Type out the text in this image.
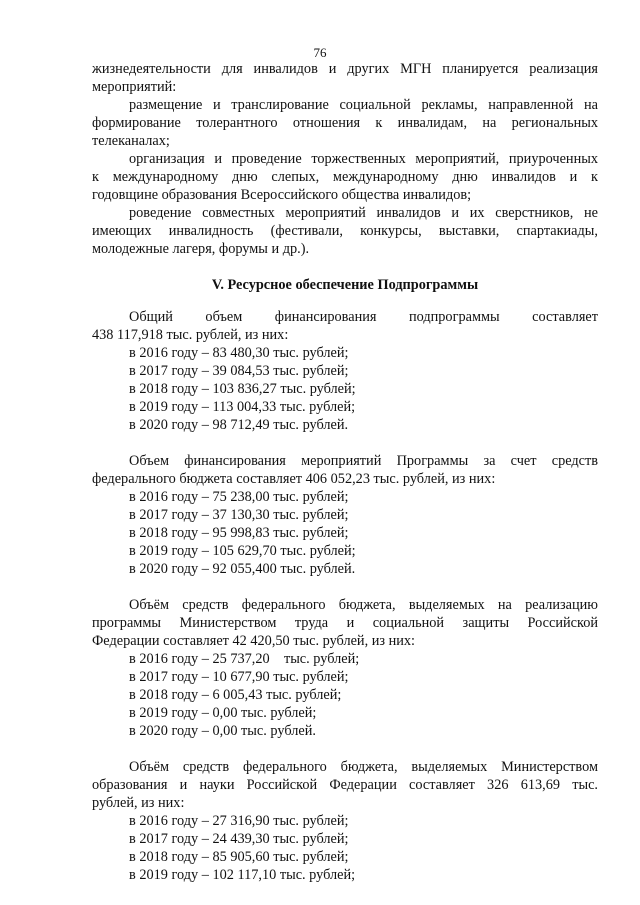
76

жизнедеятельности для инвалидов и других МГН планируется реализация

мероприятий:

размещение и транслирование социальной рекламы, направленной на

формирование толерантного отношения к инвалидам, на региональных

телеканалах;

организация и проведение торжественных мероприятий, приуроченных

к международному дню слепых, международному дню инвалидов и к

годовщине образования Всероссийского общества инвалидов;

роведение совместных мероприятий инвалидов и их сверстников, не

имеющих инвалидность (фестивали, конкурсы, выставки, спартакиады,

молодежные лагеря, форумы и др.).

V. Ресурсное обеспечение Подпрограммы

Общий объем финансирования подпрограммы составляет

438 117,918 тыс. рублей, из них:

в 2016 году – 83 480,30 тыс. рублей;

в 2017 году – 39 084,53 тыс. рублей;

в 2018 году – 103 836,27 тыс. рублей;

в 2019 году – 113 004,33 тыс. рублей;

в 2020 году – 98 712,49 тыс. рублей.

Объем финансирования мероприятий Программы за счет средств

федерального бюджета составляет 406 052,23 тыс. рублей, из них:

в 2016 году – 75 238,00 тыс. рублей;

в 2017 году – 37 130,30 тыс. рублей;

в 2018 году – 95 998,83 тыс. рублей;

в 2019 году – 105 629,70 тыс. рублей;

в 2020 году – 92 055,400 тыс. рублей.

Объём средств федерального бюджета, выделяемых на реализацию

программы Министерством труда и социальной защиты Российской

Федерации составляет 42 420,50 тыс. рублей, из них:

в 2016 году – 25 737,20    тыс. рублей;

в 2017 году – 10 677,90 тыс. рублей;

в 2018 году – 6 005,43 тыс. рублей;

в 2019 году – 0,00 тыс. рублей;

в 2020 году – 0,00 тыс. рублей.

Объём средств федерального бюджета, выделяемых Министерством

образования и науки Российской Федерации составляет 326 613,69 тыс.

рублей, из них:

в 2016 году – 27 316,90 тыс. рублей;

в 2017 году – 24 439,30 тыс. рублей;

в 2018 году – 85 905,60 тыс. рублей;

в 2019 году – 102 117,10 тыс. рублей;
